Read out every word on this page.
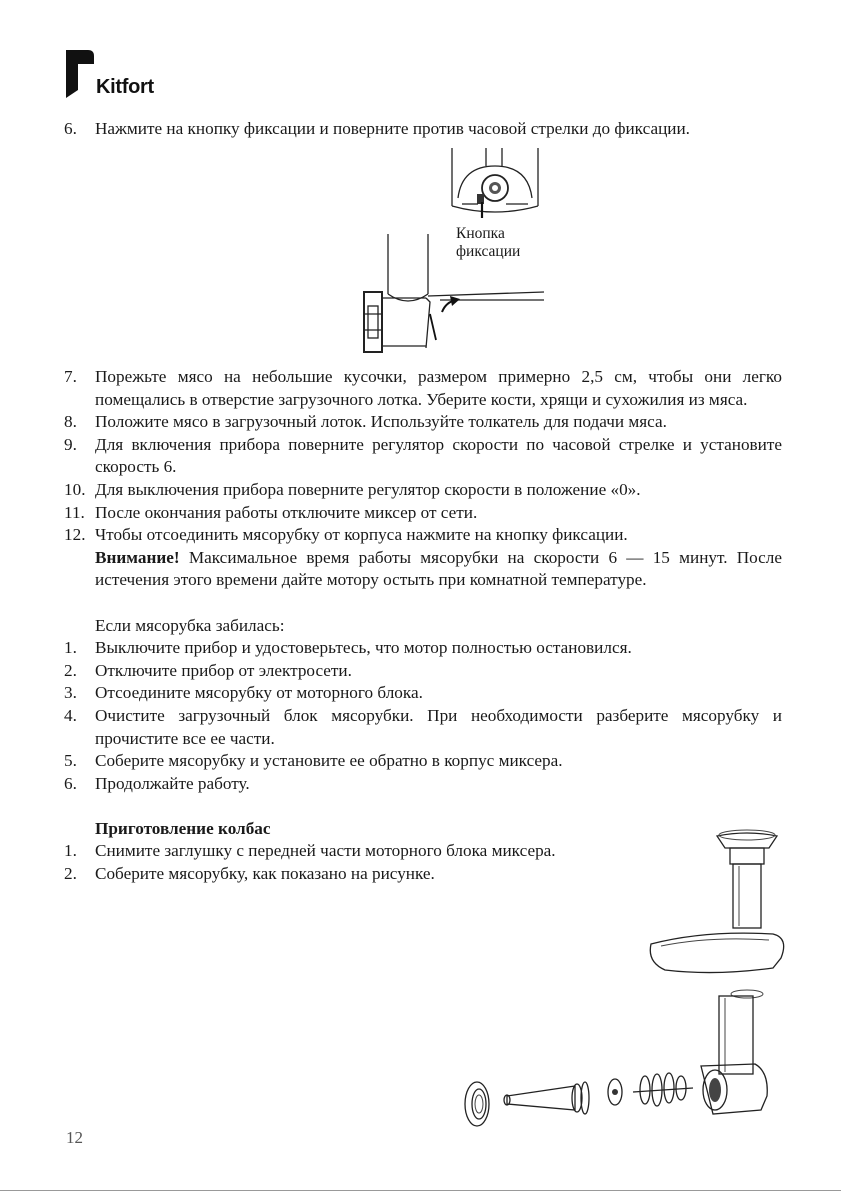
Kitfort
6. Нажмите на кнопку фиксации и поверните против часовой стрелки до фиксации.
Кнопка
фиксации
7. Порежьте мясо на небольшие кусочки, размером примерно 2,5 см, чтобы они легко помещались в отверстие загрузочного лотка. Уберите кости, хрящи и сухожилия из мяса.
8. Положите мясо в загрузочный лоток. Используйте толкатель для подачи мяса.
9. Для включения прибора поверните регулятор скорости по часовой стрелке и установите скорость 6.
10. Для выключения прибора поверните регулятор скорости в положение «0».
11. После окончания работы отключите миксер от сети.
12. Чтобы отсоединить мясорубку от корпуса нажмите на кнопку фиксации.
Внимание! Максимальное время работы мясорубки на скорости 6 — 15 минут. После истечения этого времени дайте мотору остыть при комнатной температуре.
Если мясорубка забилась:
1. Выключите прибор и удостоверьтесь, что мотор полностью остановился.
2. Отключите прибор от электросети.
3. Отсоедините мясорубку от моторного блока.
4. Очистите загрузочный блок мясорубки. При необходимости разберите мясорубку и прочистите все ее части.
5. Соберите мясорубку и установите ее обратно в корпус миксера.
6. Продолжайте работу.
Приготовление колбас
1. Снимите заглушку с передней части моторного блока миксера.
2. Соберите мясорубку, как показано на рисунке.
12
